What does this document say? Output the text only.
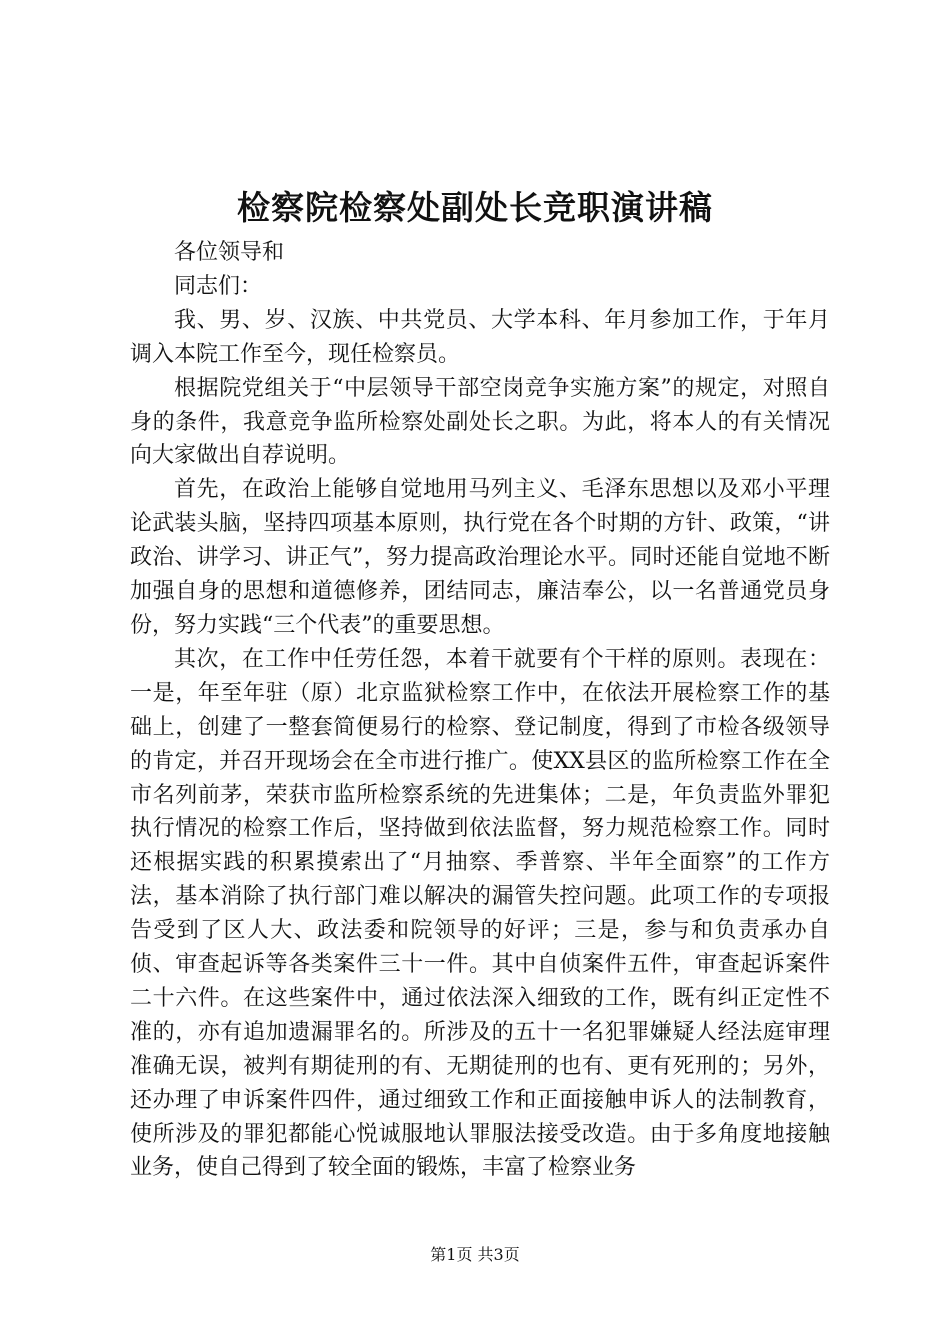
检察院检察处副处长竞职演讲稿

各位领导和

同志们：

我、男、岁、汉族、中共党员、大学本科、年月参加工作，于年月调入本院工作至今，现任检察员。

根据院党组关于“中层领导干部空岗竞争实施方案”的规定，对照自身的条件，我意竞争监所检察处副处长之职。为此，将本人的有关情况向大家做出自荐说明。

首先，在政治上能够自觉地用马列主义、毛泽东思想以及邓小平理论武装头脑，坚持四项基本原则，执行党在各个时期的方针、政策，“讲政治、讲学习、讲正气”，努力提高政治理论水平。同时还能自觉地不断加强自身的思想和道德修养，团结同志，廉洁奉公，以一名普通党员身份，努力实践“三个代表”的重要思想。

其次，在工作中任劳任怨，本着干就要有个干样的原则。表现在：一是，年至年驻（原）北京监狱检察工作中，在依法开展检察工作的基础上，创建了一整套简便易行的检察、登记制度，得到了市检各级领导的肯定，并召开现场会在全市进行推广。使XX县区的监所检察工作在全市名列前茅，荣获市监所检察系统的先进集体；二是，年负责监外罪犯执行情况的检察工作后，坚持做到依法监督，努力规范检察工作。同时还根据实践的积累摸索出了“月抽察、季普察、半年全面察”的工作方法，基本消除了执行部门难以解决的漏管失控问题。此项工作的专项报告受到了区人大、政法委和院领导的好评；三是，参与和负责承办自侦、审查起诉等各类案件三十一件。其中自侦案件五件，审查起诉案件二十六件。在这些案件中，通过依法深入细致的工作，既有纠正定性不准的，亦有追加遗漏罪名的。所涉及的五十一名犯罪嫌疑人经法庭审理准确无误，被判有期徒刑的有、无期徒刑的也有、更有死刑的；另外，还办理了申诉案件四件，通过细致工作和正面接触申诉人的法制教育，使所涉及的罪犯都能心悦诚服地认罪服法接受改造。由于多角度地接触业务，使自己得到了较全面的锻炼，丰富了检察业务

第1页 共3页
